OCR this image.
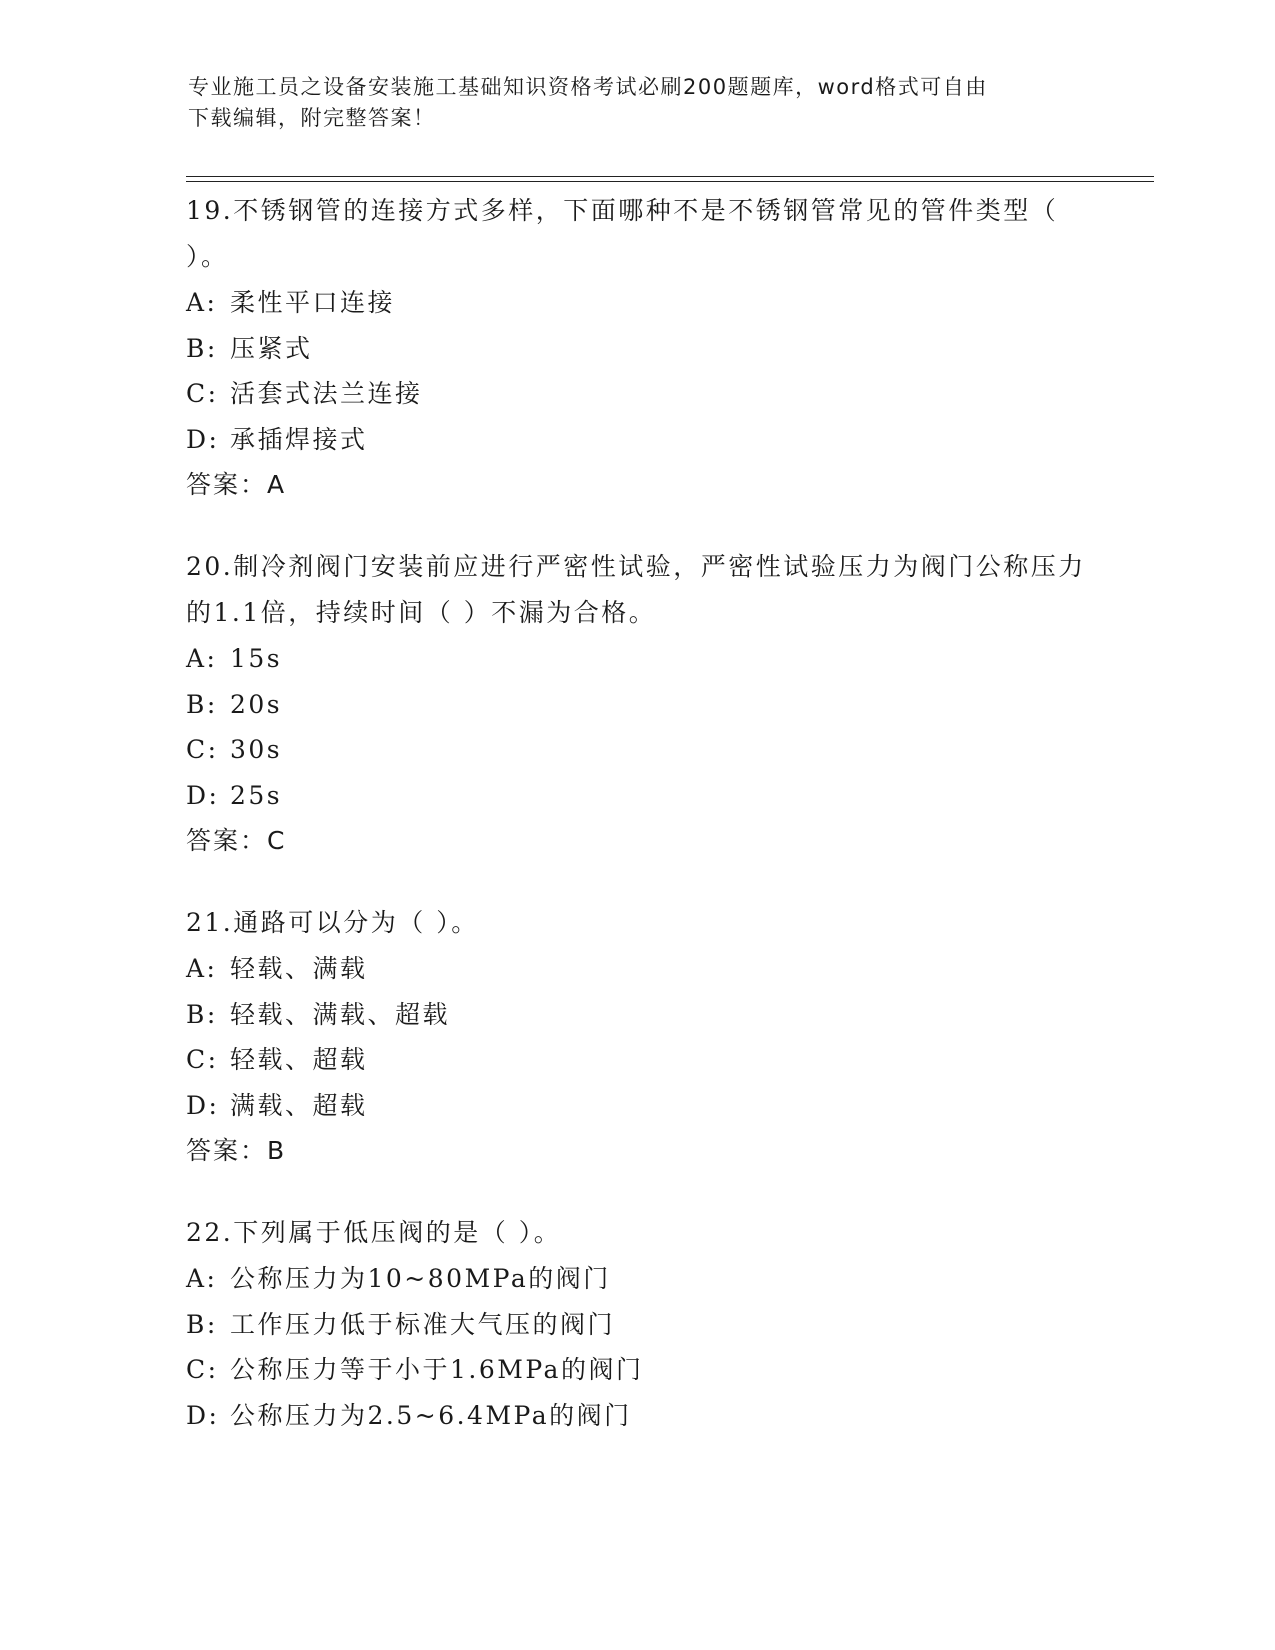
专业施工员之设备安装施工基础知识资格考试必刷200题题库，word格式可自由
下载编辑，附完整答案！

19.不锈钢管的连接方式多样，下面哪种不是不锈钢管常见的管件类型（ ）。

A: 柔性平口连接

B: 压紧式

C: 活套式法兰连接

D: 承插焊接式

答案：A

20.制冷剂阀门安装前应进行严密性试验，严密性试验压力为阀门公称压力的1.1倍，持续时间（ ）不漏为合格。

A: 15s

B: 20s

C: 30s

D: 25s

答案：C

21.通路可以分为（ ）。

A: 轻载、满载

B: 轻载、满载、超载

C: 轻载、超载

D: 满载、超载

答案：B

22.下列属于低压阀的是（ ）。

A: 公称压力为10~80MPa的阀门

B: 工作压力低于标准大气压的阀门

C: 公称压力等于小于1.6MPa的阀门

D: 公称压力为2.5~6.4MPa的阀门
